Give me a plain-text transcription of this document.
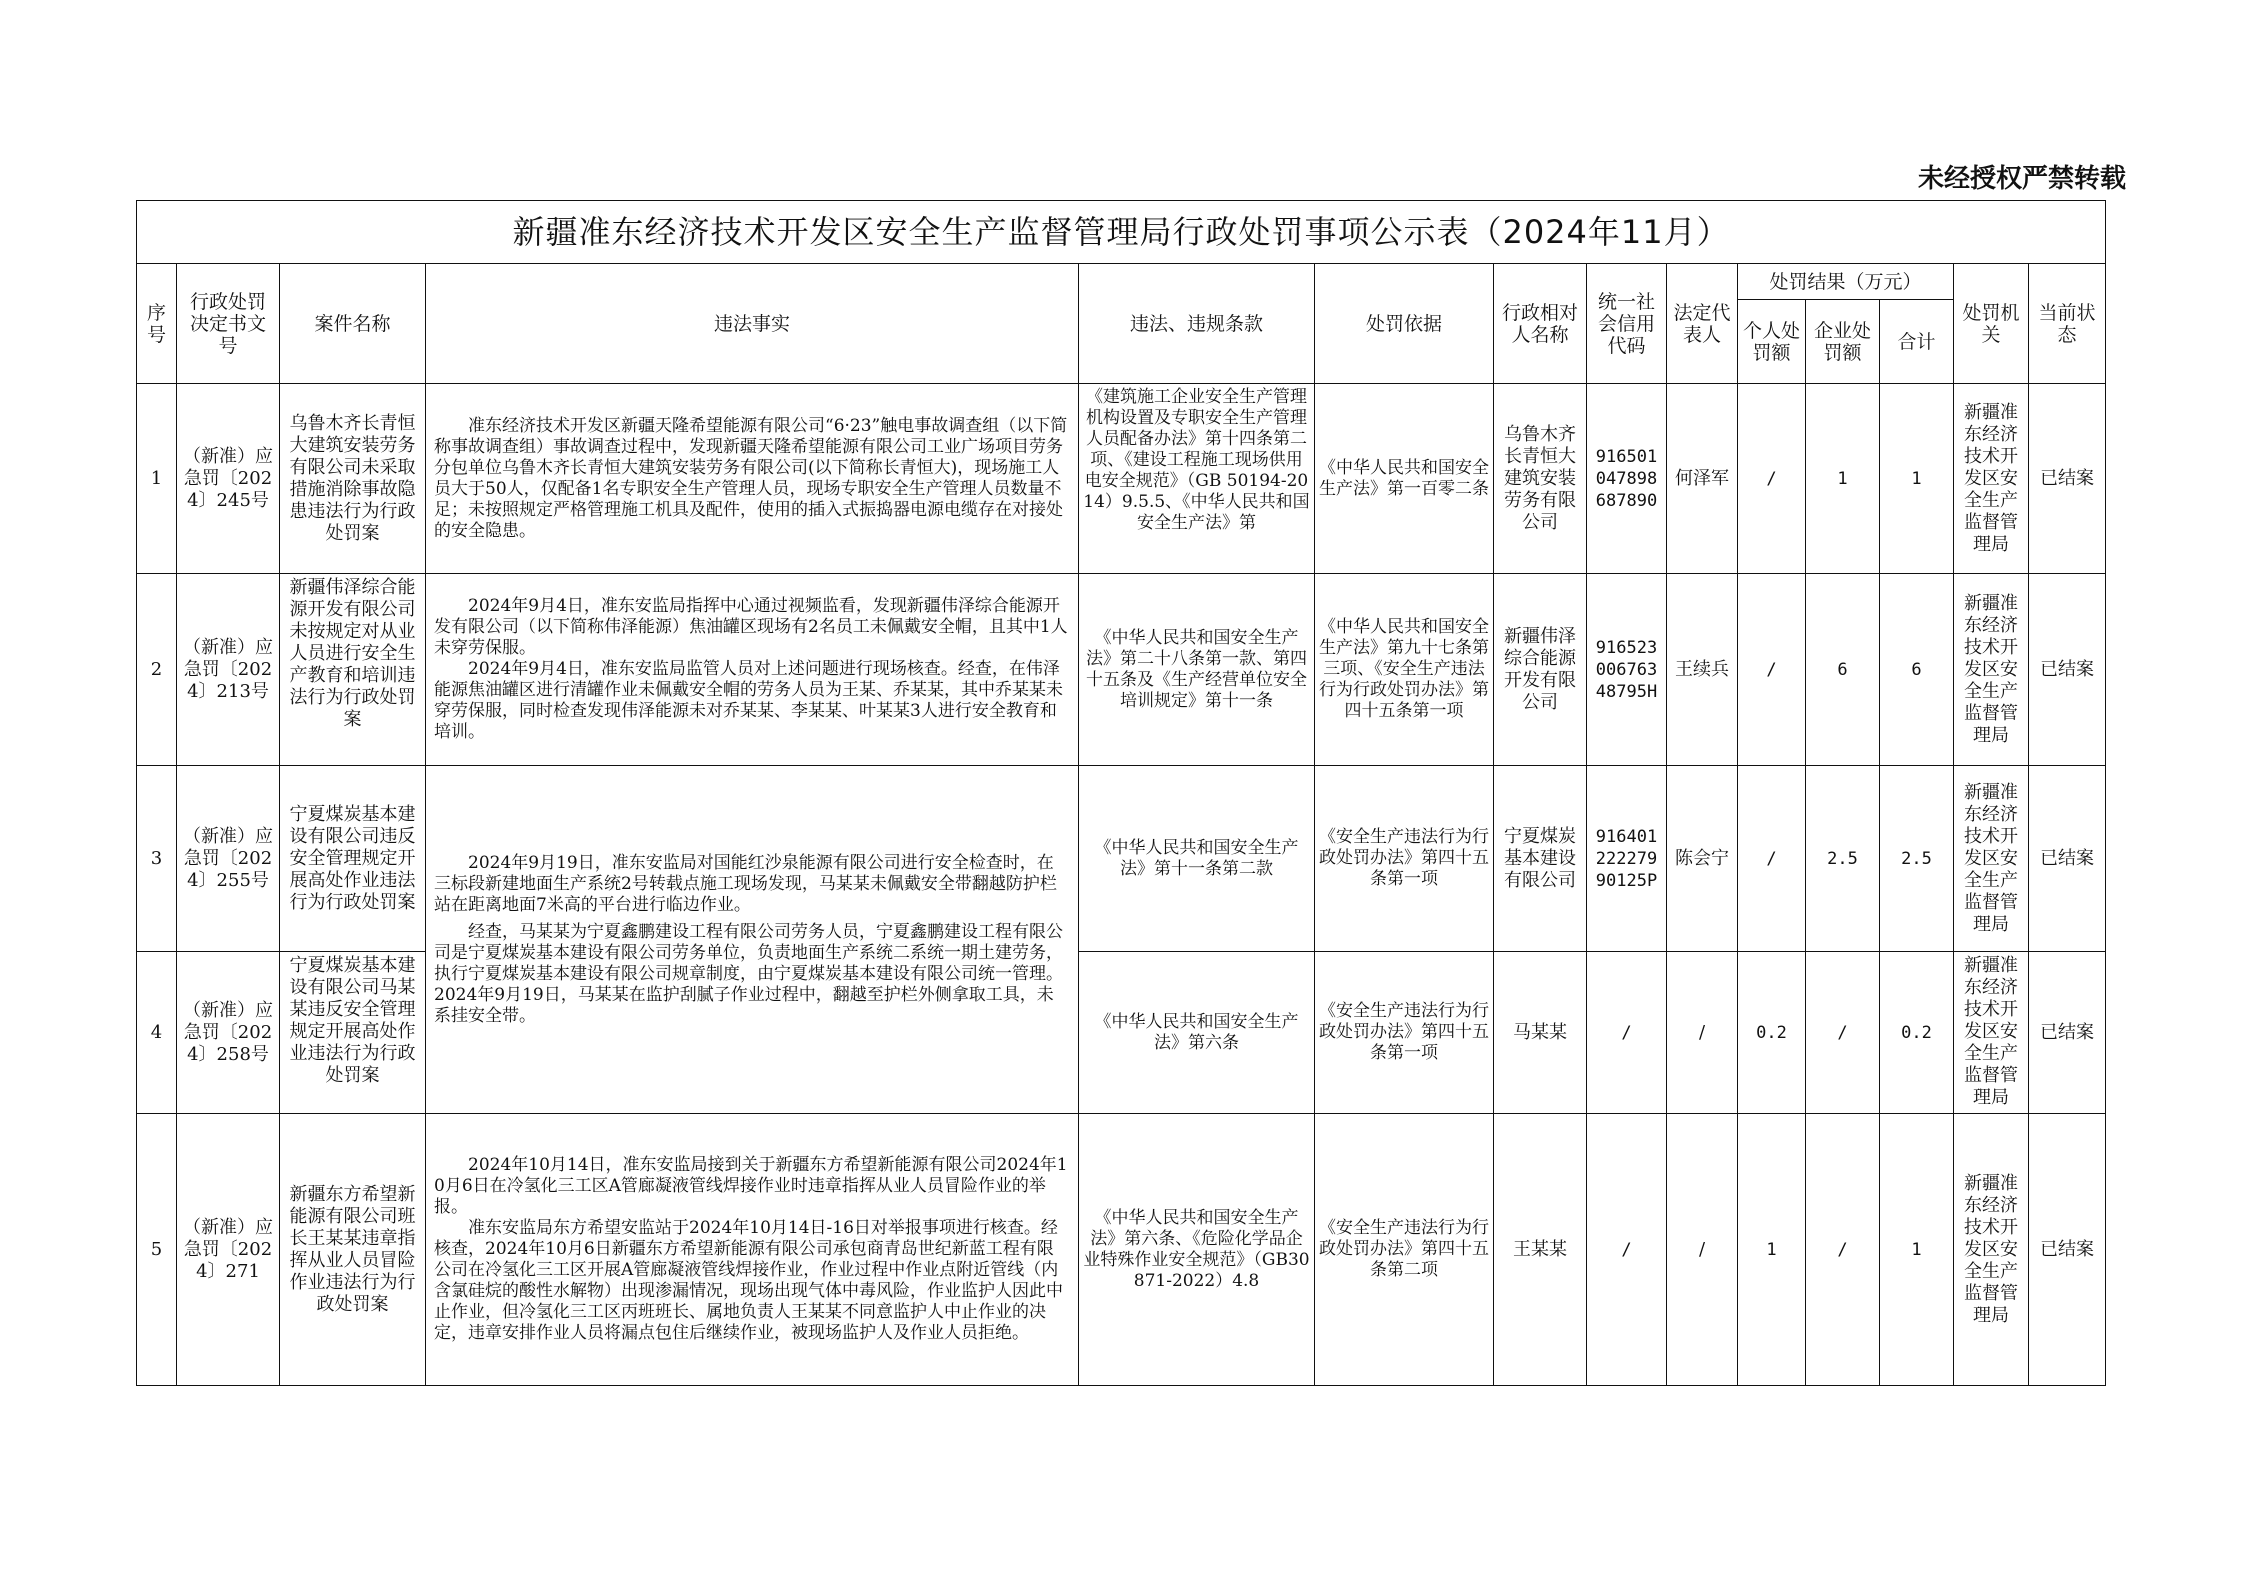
未经授权严禁转载
新疆准东经济技术开发区安全生产监督管理局行政处罚事项公示表（2024年11月）													
序号	行政处罚决定书文号	案件名称	违法事实	违法、违规条款	处罚依据	行政相对人名称	统一社会信用代码	法定代表人	处罚结果（万元）			处罚机关	当前状态
									个人处罚额	企业处罚额	合计		
1	（新准）应急罚〔2024〕245号	乌鲁木齐长青恒大建筑安装劳务有限公司未采取措施消除事故隐患违法行为行政处罚案	准东经济技术开发区新疆天隆希望能源有限公司“6·23”触电事故调查组（以下简称事故调查组）事故调查过程中，发现新疆天隆希望能源有限公司工业广场项目劳务分包单位乌鲁木齐长青恒大建筑安装劳务有限公司(以下简称长青恒大)，现场施工人员大于50人，仅配备1名专职安全生产管理人员，现场专职安全生产管理人员数量不足；未按照规定严格管理施工机具及配件，使用的插入式振捣器电源电缆存在对接处的安全隐患。	《建筑施工企业安全生产管理机构设置及专职安全生产管理人员配备办法》第十四条第二项、《建设工程施工现场供用电安全规范》（GB 50194-2014）9.5.5、《中华人民共和国安全生产法》第	《中华人民共和国安全生产法》第一百零二条	乌鲁木齐长青恒大建筑安装劳务有限公司	916501047898687890	何泽军	/	1	1	新疆准东经济技术开发区安全生产监督管理局	已结案
2	（新准）应急罚〔2024〕213号	新疆伟泽综合能源开发有限公司未按规定对从业人员进行安全生产教育和培训违法行为行政处罚案	2024年9月4日，准东安监局指挥中心通过视频监看，发现新疆伟泽综合能源开发有限公司（以下简称伟泽能源）焦油罐区现场有2名员工未佩戴安全帽，且其中1人未穿劳保服。
2024年9月4日，准东安监局监管人员对上述问题进行现场核查。经查，在伟泽能源焦油罐区进行清罐作业未佩戴安全帽的劳务人员为王某、乔某某，其中乔某某未穿劳保服，同时检查发现伟泽能源未对乔某某、李某某、叶某某3人进行安全教育和培训。	《中华人民共和国安全生产法》第二十八条第一款、第四十五条及《生产经营单位安全培训规定》第十一条	《中华人民共和国安全生产法》第九十七条第三项、《安全生产违法行为行政处罚办法》第四十五条第一项	新疆伟泽综合能源开发有限公司	91652300676348795H	王续兵	/	6	6	新疆准东经济技术开发区安全生产监督管理局	已结案
3	（新准）应急罚〔2024〕255号	宁夏煤炭基本建设有限公司违反安全管理规定开展高处作业违法行为行政处罚案	2024年9月19日，准东安监局对国能红沙泉能源有限公司进行安全检查时，在三标段新建地面生产系统2号转载点施工现场发现，马某某未佩戴安全带翻越防护栏站在距离地面7米高的平台进行临边作业。
经查，马某某为宁夏鑫鹏建设工程有限公司劳务人员，宁夏鑫鹏建设工程有限公司是宁夏煤炭基本建设有限公司劳务单位，负责地面生产系统二系统一期土建劳务，执行宁夏煤炭基本建设有限公司规章制度，由宁夏煤炭基本建设有限公司统一管理。2024年9月19日，马某某在监护刮腻子作业过程中，翻越至护栏外侧拿取工具，未系挂安全带。	《中华人民共和国安全生产法》第十一条第二款	《安全生产违法行为行政处罚办法》第四十五条第一项	宁夏煤炭基本建设有限公司	91640122227990125P	陈会宁	/	2.5	2.5	新疆准东经济技术开发区安全生产监督管理局	已结案
4	（新准）应急罚〔2024〕258号	宁夏煤炭基本建设有限公司马某某违反安全管理规定开展高处作业违法行为行政处罚案		《中华人民共和国安全生产法》第六条	《安全生产违法行为行政处罚办法》第四十五条第一项	马某某	/	/	0.2	/	0.2	新疆准东经济技术开发区安全生产监督管理局	已结案
5	（新准）应急罚〔2024〕271	新疆东方希望新能源有限公司班长王某某违章指挥从业人员冒险作业违法行为行政处罚案	2024年10月14日，准东安监局接到关于新疆东方希望新能源有限公司2024年10月6日在冷氢化三工区A管廊凝液管线焊接作业时违章指挥从业人员冒险作业的举报。
准东安监局东方希望安监站于2024年10月14日-16日对举报事项进行核查。经核查，2024年10月6日新疆东方希望新能源有限公司承包商青岛世纪新蓝工程有限公司在冷氢化三工区开展A管廊凝液管线焊接作业，作业过程中作业点附近管线（内含氯硅烷的酸性水解物）出现渗漏情况，现场出现气体中毒风险，作业监护人因此中止作业，但冷氢化三工区丙班班长、属地负责人王某某不同意监护人中止作业的决定，违章安排作业人员将漏点包住后继续作业，被现场监护人及作业人员拒绝。	《中华人民共和国安全生产法》第六条、《危险化学品企业特殊作业安全规范》（GB30871-2022）4.8	《安全生产违法行为行政处罚办法》第四十五条第二项	王某某	/	/	1	/	1	新疆准东经济技术开发区安全生产监督管理局	已结案
